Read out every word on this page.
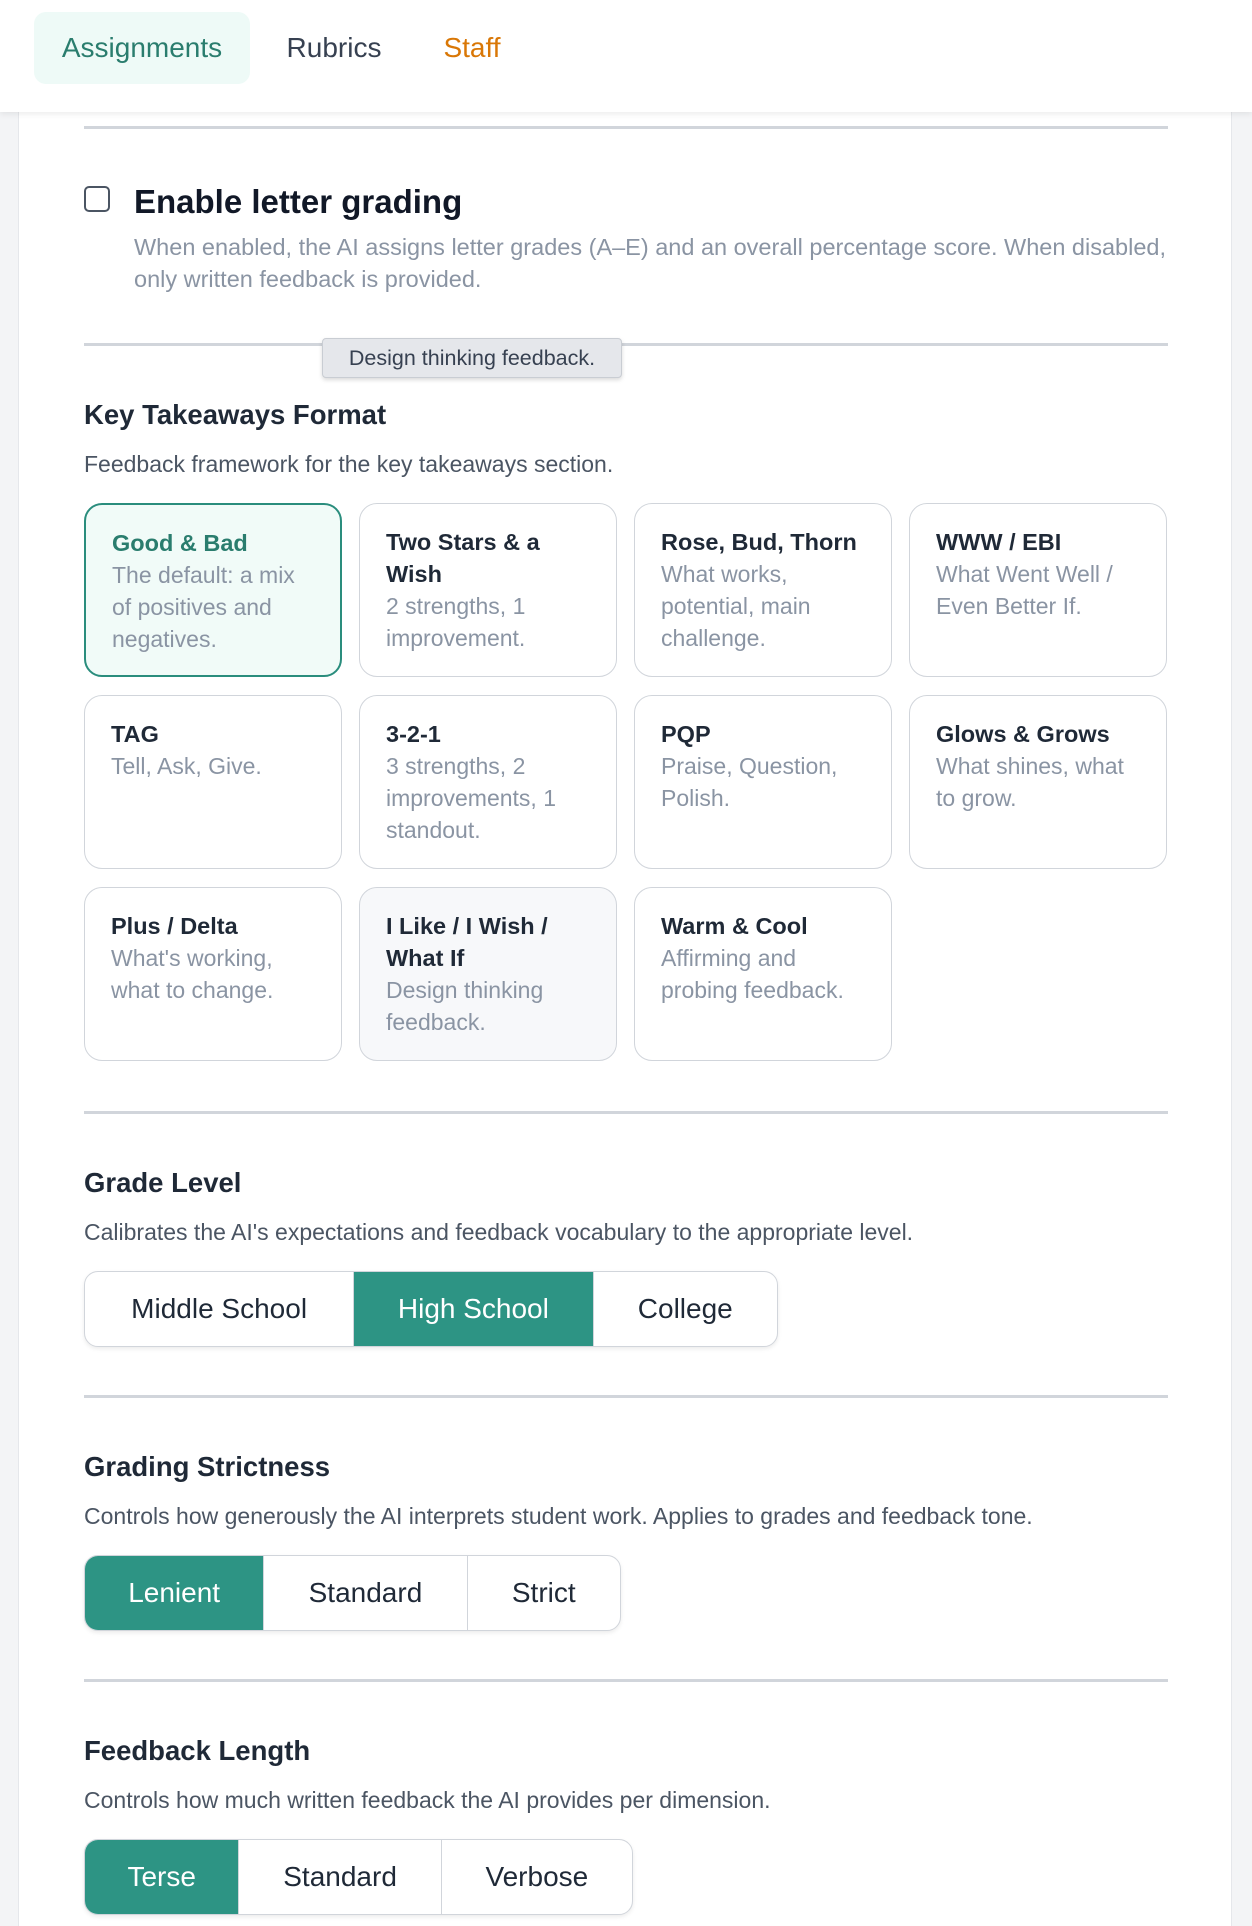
Assignments	Rubrics	Staff
Enable letter grading
When enabled, the AI assigns letter grades (A–E) and an overall percentage score. When disabled, only written feedback is provided.
Design thinking feedback.
Key Takeaways Format
Feedback framework for the key takeaways section.
Good & Bad
The default: a mix of positives and negatives.
Two Stars & a Wish
2 strengths, 1 improvement.
Rose, Bud, Thorn
What works, potential, main challenge.
WWW / EBI
What Went Well / Even Better If.
TAG
Tell, Ask, Give.
3-2-1
3 strengths, 2 improvements, 1 standout.
PQP
Praise, Question, Polish.
Glows & Grows
What shines, what to grow.
Plus / Delta
What's working, what to change.
I Like / I Wish / What If
Design thinking feedback.
Warm & Cool
Affirming and probing feedback.
Grade Level
Calibrates the AI's expectations and feedback vocabulary to the appropriate level.
Middle School	High School	College
Grading Strictness
Controls how generously the AI interprets student work. Applies to grades and feedback tone.
Lenient	Standard	Strict
Feedback Length
Controls how much written feedback the AI provides per dimension.
Terse	Standard	Verbose
